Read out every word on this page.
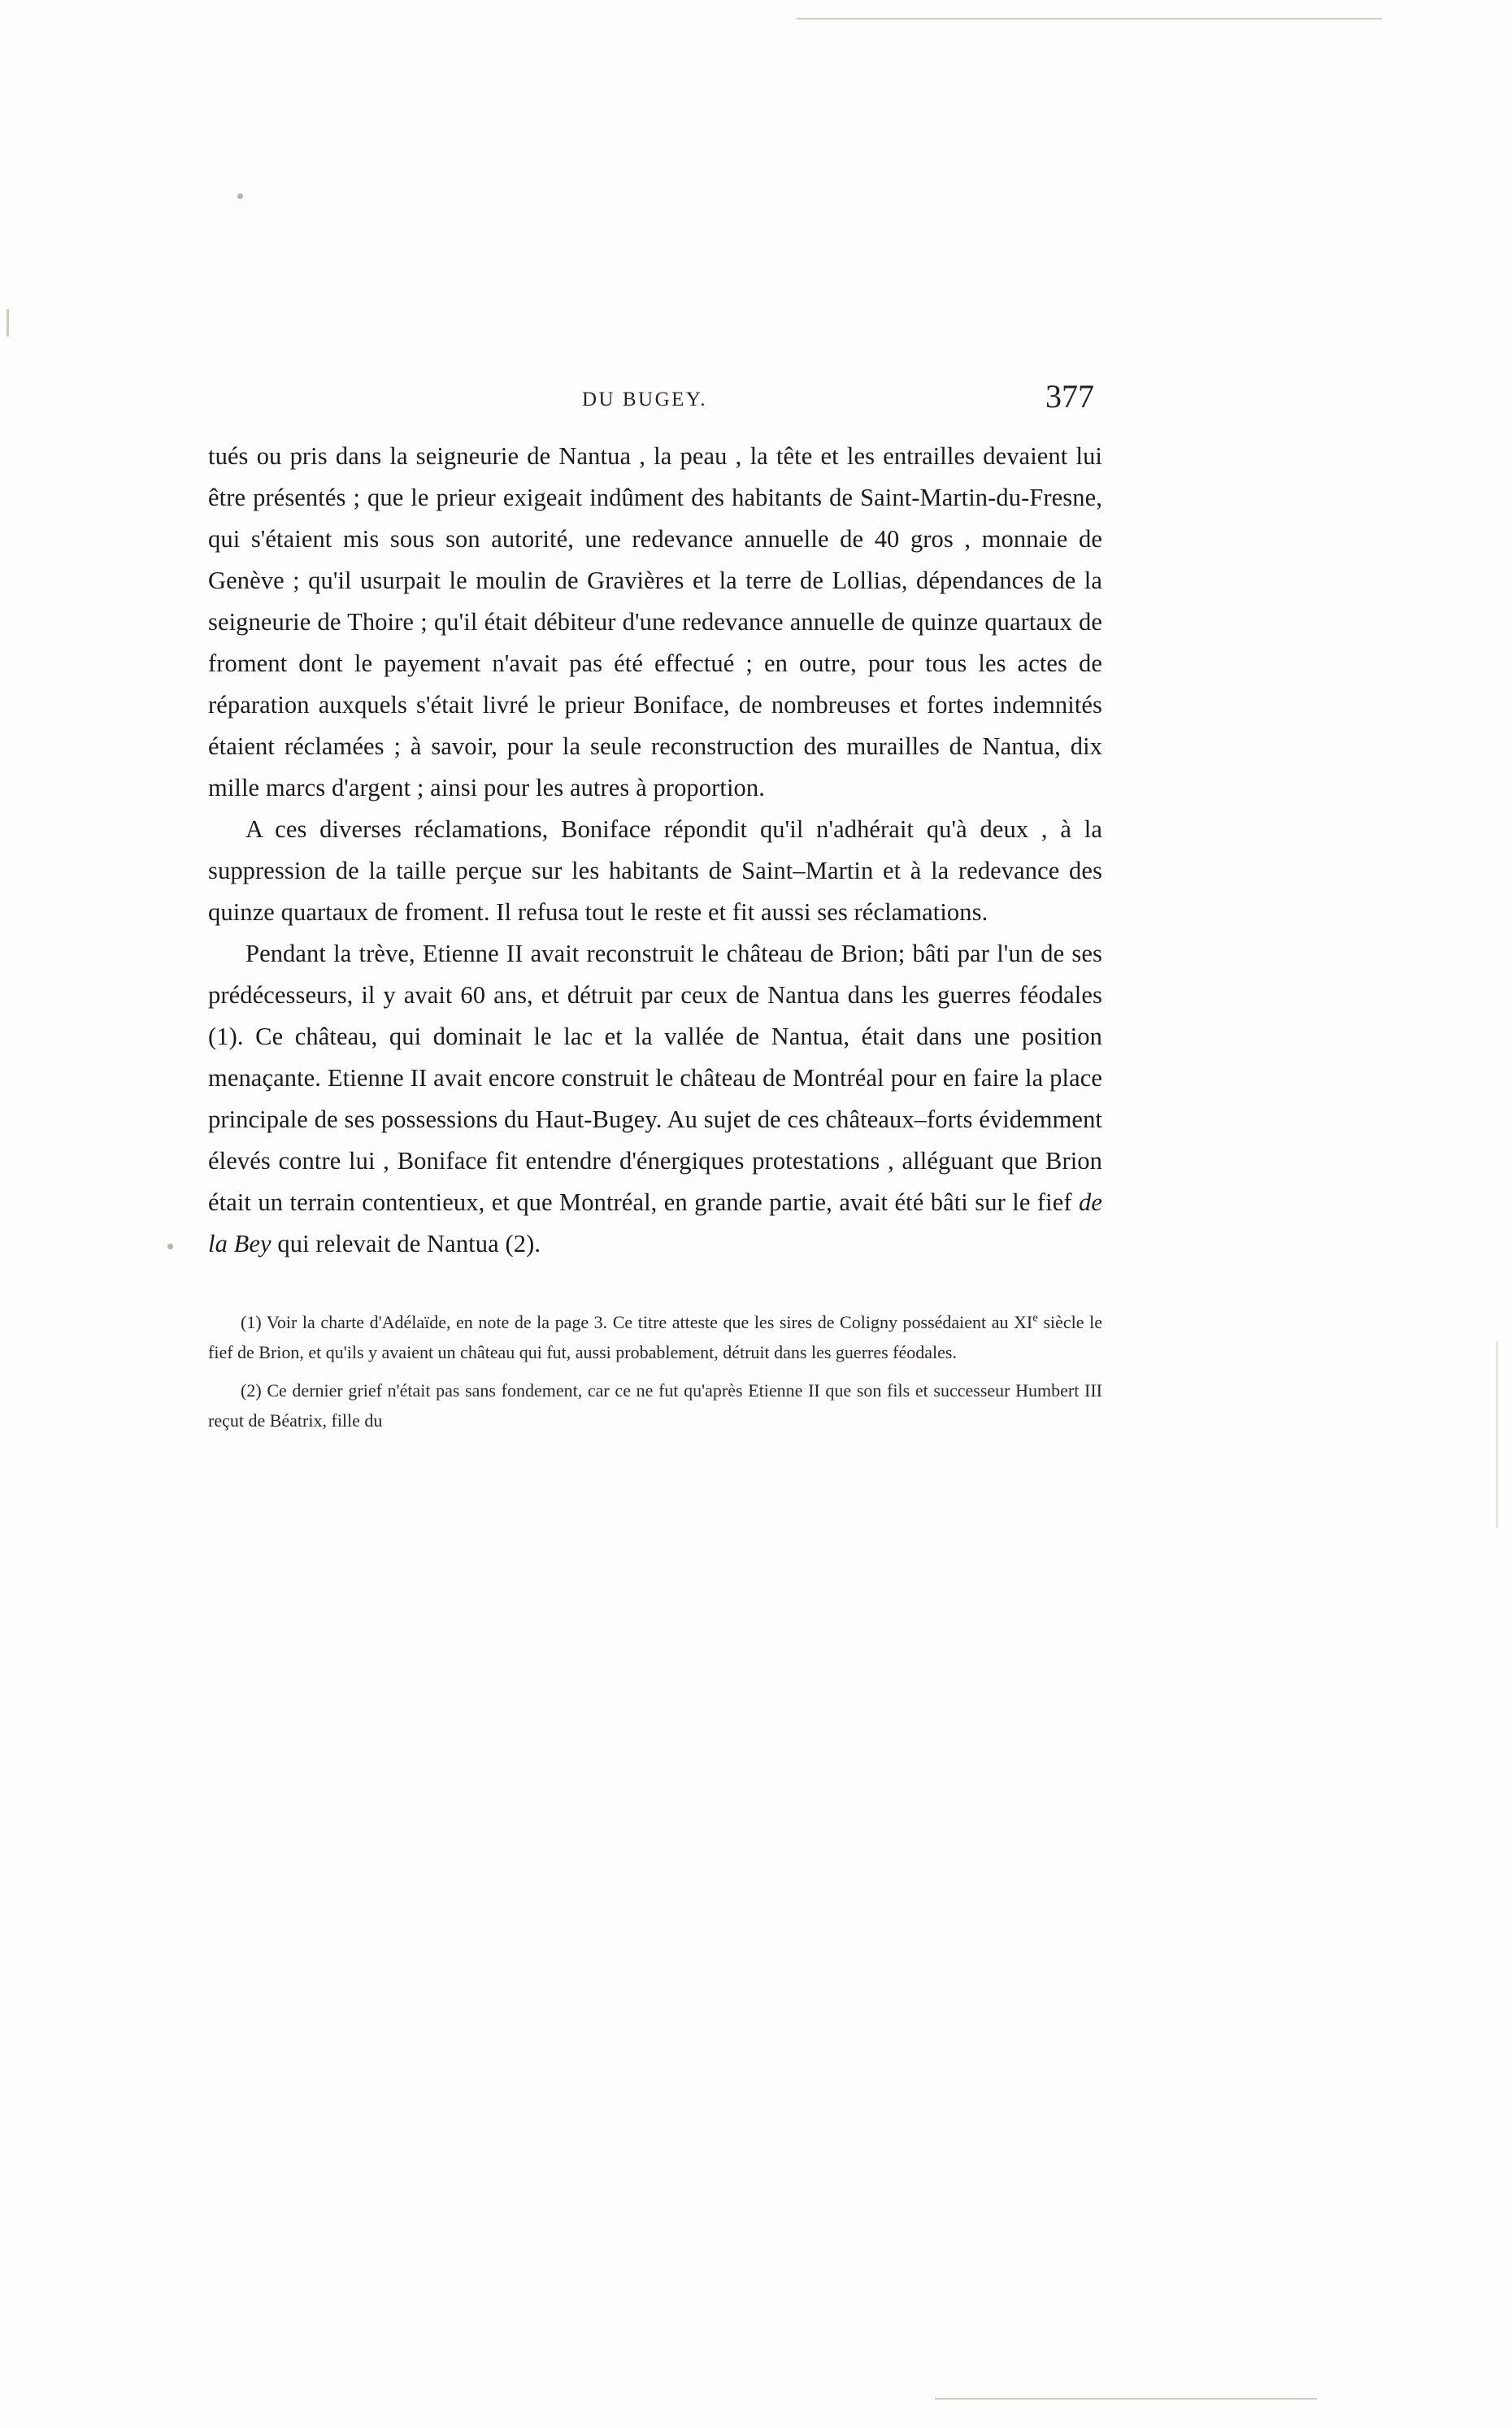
DU BUGEY.	377

tués ou pris dans la seigneurie de Nantua , la peau , la tête et les entrailles devaient lui être présentés ; que le prieur exigeait indûment des habitants de Saint-Martin-du-Fresne, qui s'étaient mis sous son autorité, une redevance annuelle de 40 gros , monnaie de Genève ; qu'il usurpait le moulin de Gravières et la terre de Lollias, dépendances de la seigneurie de Thoire ; qu'il était débiteur d'une redevance annuelle de quinze quartaux de froment dont le payement n'avait pas été effectué ; en outre, pour tous les actes de réparation auxquels s'était livré le prieur Boniface, de nombreuses et fortes indemnités étaient réclamées ; à savoir, pour la seule reconstruction des murailles de Nantua, dix mille marcs d'argent ; ainsi pour les autres à proportion.

A ces diverses réclamations, Boniface répondit qu'il n'adhérait qu'à deux , à la suppression de la taille perçue sur les habitants de Saint–Martin et à la redevance des quinze quartaux de froment. Il refusa tout le reste et fit aussi ses réclamations.

Pendant la trève, Etienne II avait reconstruit le château de Brion; bâti par l'un de ses prédécesseurs, il y avait 60 ans, et détruit par ceux de Nantua dans les guerres féodales (1). Ce château, qui dominait le lac et la vallée de Nantua, était dans une position menaçante. Etienne II avait encore construit le château de Montréal pour en faire la place principale de ses possessions du Haut-Bugey. Au sujet de ces châteaux–forts évidemment élevés contre lui , Boniface fit entendre d'énergiques protestations , alléguant que Brion était un terrain contentieux, et que Montréal, en grande partie, avait été bâti sur le fief de la Bey qui relevait de Nantua (2).

(1) Voir la charte d'Adélaïde, en note de la page 3. Ce titre atteste que les sires de Coligny possédaient au XIe siècle le fief de Brion, et qu'ils y avaient un château qui fut, aussi probablement, détruit dans les guerres féodales.

(2) Ce dernier grief n'était pas sans fondement, car ce ne fut qu'après Etienne II que son fils et successeur Humbert III reçut de Béatrix, fille du
